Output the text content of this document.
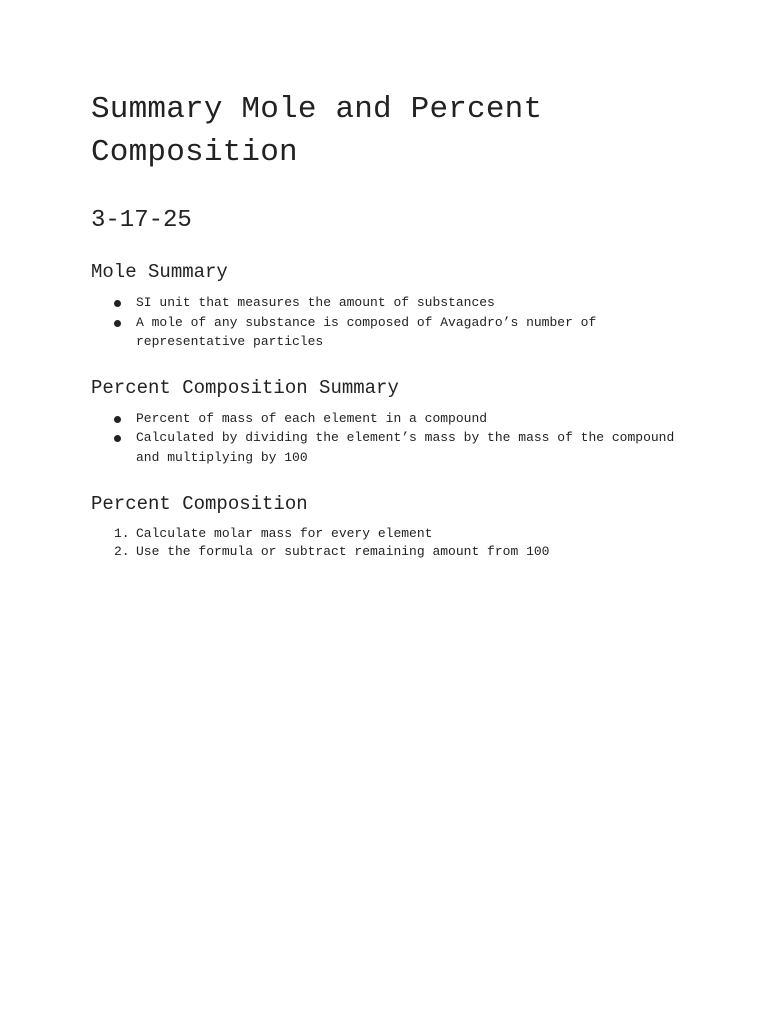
Summary Mole and Percent Composition
3-17-25
Mole Summary
SI unit that measures the amount of substances
A mole of any substance is composed of Avagadro’s number of representative particles
Percent Composition Summary
Percent of mass of each element in a compound
Calculated by dividing the element’s mass by the mass of the compound and multiplying by 100
Percent Composition
1. Calculate molar mass for every element
2. Use the formula or subtract remaining amount from 100
